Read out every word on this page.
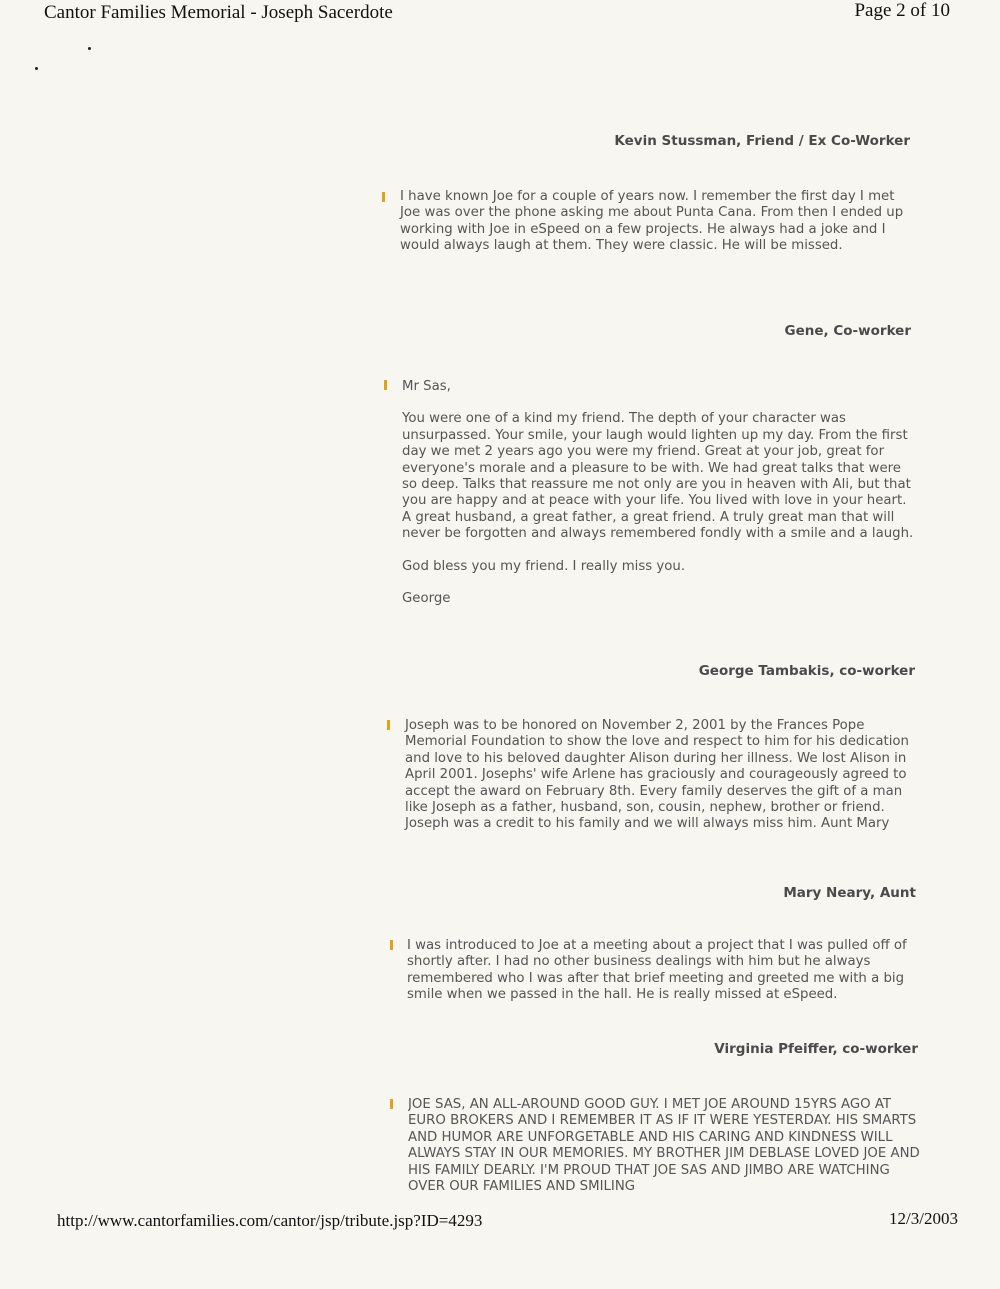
Cantor Families Memorial - Joseph Sacerdote	Page 2 of 10

I have known Joe for a couple of years now. I remember the first day I met Joe was over the phone asking me about Punta Cana. From then I ended up working with Joe in eSpeed on a few projects. He always had a joke and I would always laugh at them. They were classic. He will be missed.

Kevin Stussman, Friend / Ex Co-Worker
Gene, Co-worker

Mr Sas,

You were one of a kind my friend. The depth of your character was unsurpassed. Your smile, your laugh would lighten up my day. From the first day we met 2 years ago you were my friend. Great at your job, great for everyone's morale and a pleasure to be with. We had great talks that were so deep. Talks that reassure me not only are you in heaven with Ali, but that you are happy and at peace with your life. You lived with love in your heart. A great husband, a great father, a great friend. A truly great man that will never be forgotten and always remembered fondly with a smile and a laugh.

God bless you my friend. I really miss you.

George

George Tambakis, co-worker

Joseph was to be honored on November 2, 2001 by the Frances Pope Memorial Foundation to show the love and respect to him for his dedication and love to his beloved daughter Alison during her illness. We lost Alison in April 2001. Josephs' wife Arlene has graciously and courageously agreed to accept the award on February 8th. Every family deserves the gift of a man like Joseph as a father, husband, son, cousin, nephew, brother or friend. Joseph was a credit to his family and we will always miss him. Aunt Mary

Mary Neary, Aunt

I was introduced to Joe at a meeting about a project that I was pulled off of shortly after. I had no other business dealings with him but he always remembered who I was after that brief meeting and greeted me with a big smile when we passed in the hall. He is really missed at eSpeed.

Virginia Pfeiffer, co-worker

JOE SAS, AN ALL-AROUND GOOD GUY. I MET JOE AROUND 15YRS AGO AT EURO BROKERS AND I REMEMBER IT AS IF IT WERE YESTERDAY. HIS SMARTS AND HUMOR ARE UNFORGETABLE AND HIS CARING AND KINDNESS WILL ALWAYS STAY IN OUR MEMORIES. MY BROTHER JIM DEBLASE LOVED JOE AND HIS FAMILY DEARLY. I'M PROUD THAT JOE SAS AND JIMBO ARE WATCHING OVER OUR FAMILIES AND SMILING

http://www.cantorfamilies.com/cantor/jsp/tribute.jsp?ID=4293	12/3/2003
